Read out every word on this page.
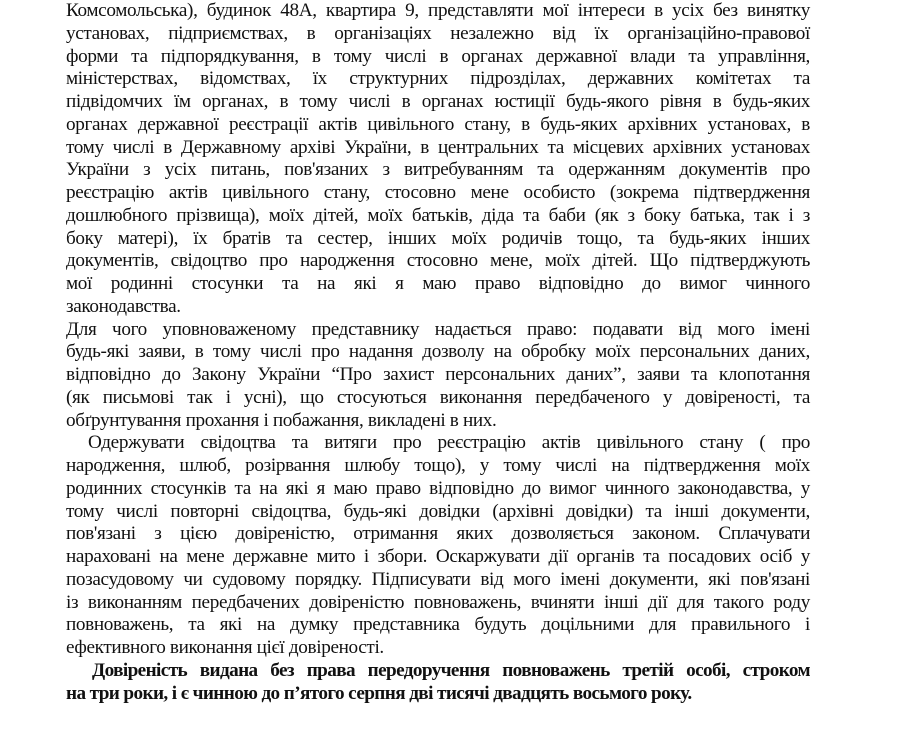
Комсомольська), будинок 48А, квартира 9, представляти мої інтереси в усіх без винятку
установах, підприємствах, в організаціях незалежно від їх організаційно-правової
форми та підпорядкування, в тому числі в органах державної влади та управління,
міністерствах, відомствах, їх структурних підрозділах, державних комітетах та
підвідомчих їм органах, в тому числі в органах юстиції будь-якого рівня в будь-яких
органах державної реєстрації актів цивільного стану, в будь-яких архівних установах, в
тому числі в Державному архіві України, в центральних та місцевих архівних установах
України з усіх питань, пов'язаних з витребуванням та одержанням документів про
реєстрацію актів цивільного стану, стосовно мене особисто (зокрема підтвердження
дошлюбного прізвища), моїх дітей, моїх батьків, діда та баби (як з боку батька, так і з
боку матері), їх братів та сестер, інших моїх родичів тощо, та будь-яких інших
документів, свідоцтво про народження стосовно мене, моїх дітей. Що підтверджують
мої родинні стосунки та на які я маю право відповідно до вимог чинного
законодавства.
Для чого уповноваженому представнику надається право: подавати від мого імені
будь-які заяви, в тому числі про надання дозволу на обробку моїх персональних даних,
відповідно до Закону України “Про захист персональних даних”, заяви та клопотання
(як письмові так і усні), що стосуються виконання передбаченого у довіреності, та
обґрунтування прохання і побажання, викладені в них.
Одержувати свідоцтва та витяги про реєстрацію актів цивільного стану ( про
народження, шлюб, розірвання шлюбу тощо), у тому числі на підтвердження моїх
родинних стосунків та на які я маю право відповідно до вимог чинного законодавства, у
тому числі повторні свідоцтва, будь-які довідки (архівні довідки) та інші документи,
пов'язані з цією довіреністю, отримання яких дозволяється законом. Сплачувати
нараховані на мене державне мито і збори. Оскаржувати дії органів та посадових осіб у
позасудовому чи судовому порядку. Підписувати від мого імені документи, які пов'язані
із виконанням передбачених довіреністю повноважень, вчиняти інші дії для такого роду
повноважень, та які на думку представника будуть доцільними для правильного і
ефективного виконання цієї довіреності.
Довіреність видана без права передоручення повноважень третій особі, строком
на три роки, і є чинною до п’ятого серпня дві тисячі двадцять восьмого року.
